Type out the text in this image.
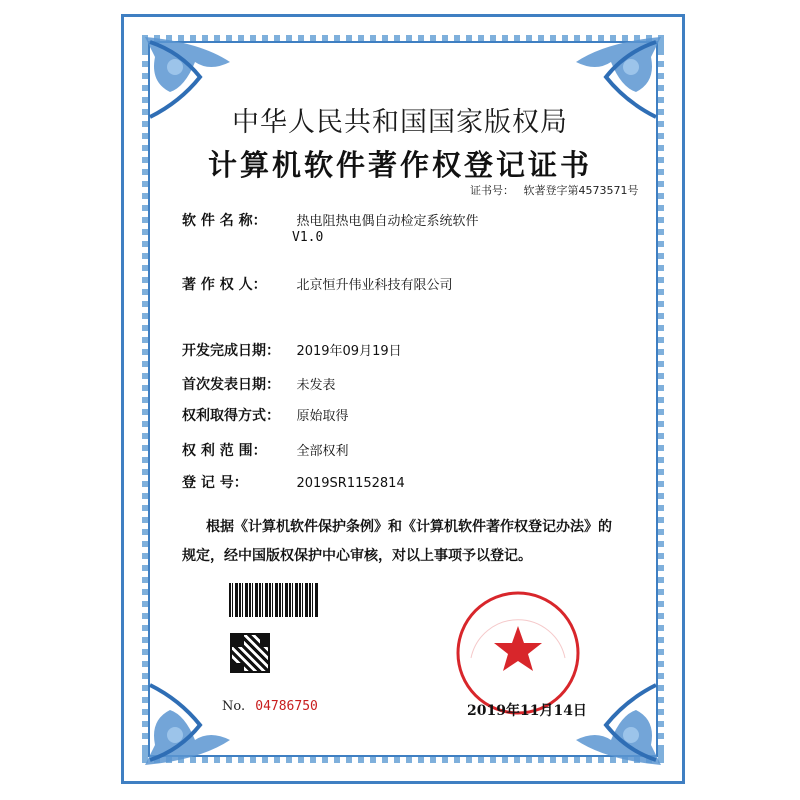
中华人民共和国国家版权局
计算机软件著作权登记证书
证书号： 软著登字第4573571号
软 件 名 称： 热电阻热电偶自动检定系统软件
V1.0
著 作 权 人： 北京恒升伟业科技有限公司
开发完成日期： 2019年09月19日
首次发表日期： 未发表
权利取得方式： 原始取得
权 利 范 围： 全部权利
登 记 号：	2019SR1152814
根据《计算机软件保护条例》和《计算机软件著作权登记办法》的
规定，经中国版权保护中心审核，对以上事项予以登记。
No. 04786750	2019年11月14日
